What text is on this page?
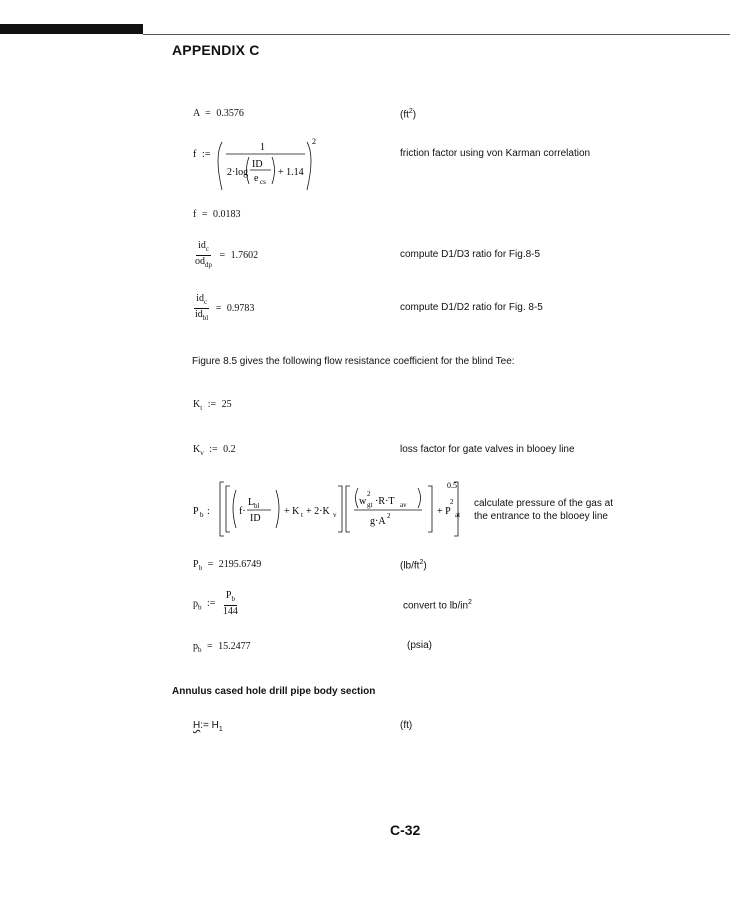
APPENDIX C
A = 0.3576	$(ft^2)$
f :=
2
1
2·log
ID
e cs
+ 1.14
friction factor using von Karman correlation
f = 0.0183
$\frac{id_c}{od_{dp}} = 1.7602$	compute D1/D3 ratio for Fig.8-5
$\frac{id_c}{id_{bl}} = 0.9783$	compute D1/D2 ratio for Fig. 8-5
Figure 8.5 gives the following flow resistance coefficient for the blind Tee:
$K_t$ := 25
$K_v$ := 0.2	loss factor for gate valves in blooey line
P b :
0.5
f·
L bl
ID
+ K t + 2·K v
w gt
2
·R·T av
g·A 2	+ P at
2 calculate pressure of the gas at
the entrance to the blooey line
$P_b = 2195.6749$	$(lb/ft^2)$
$p_b$ := $\frac{P_b}{144}$	convert to $lb/in^2$
$p_b = 15.2477$	(psia)
Annulus cased hole drill pipe body section
H:= $H_1$	(ft)
C-32
